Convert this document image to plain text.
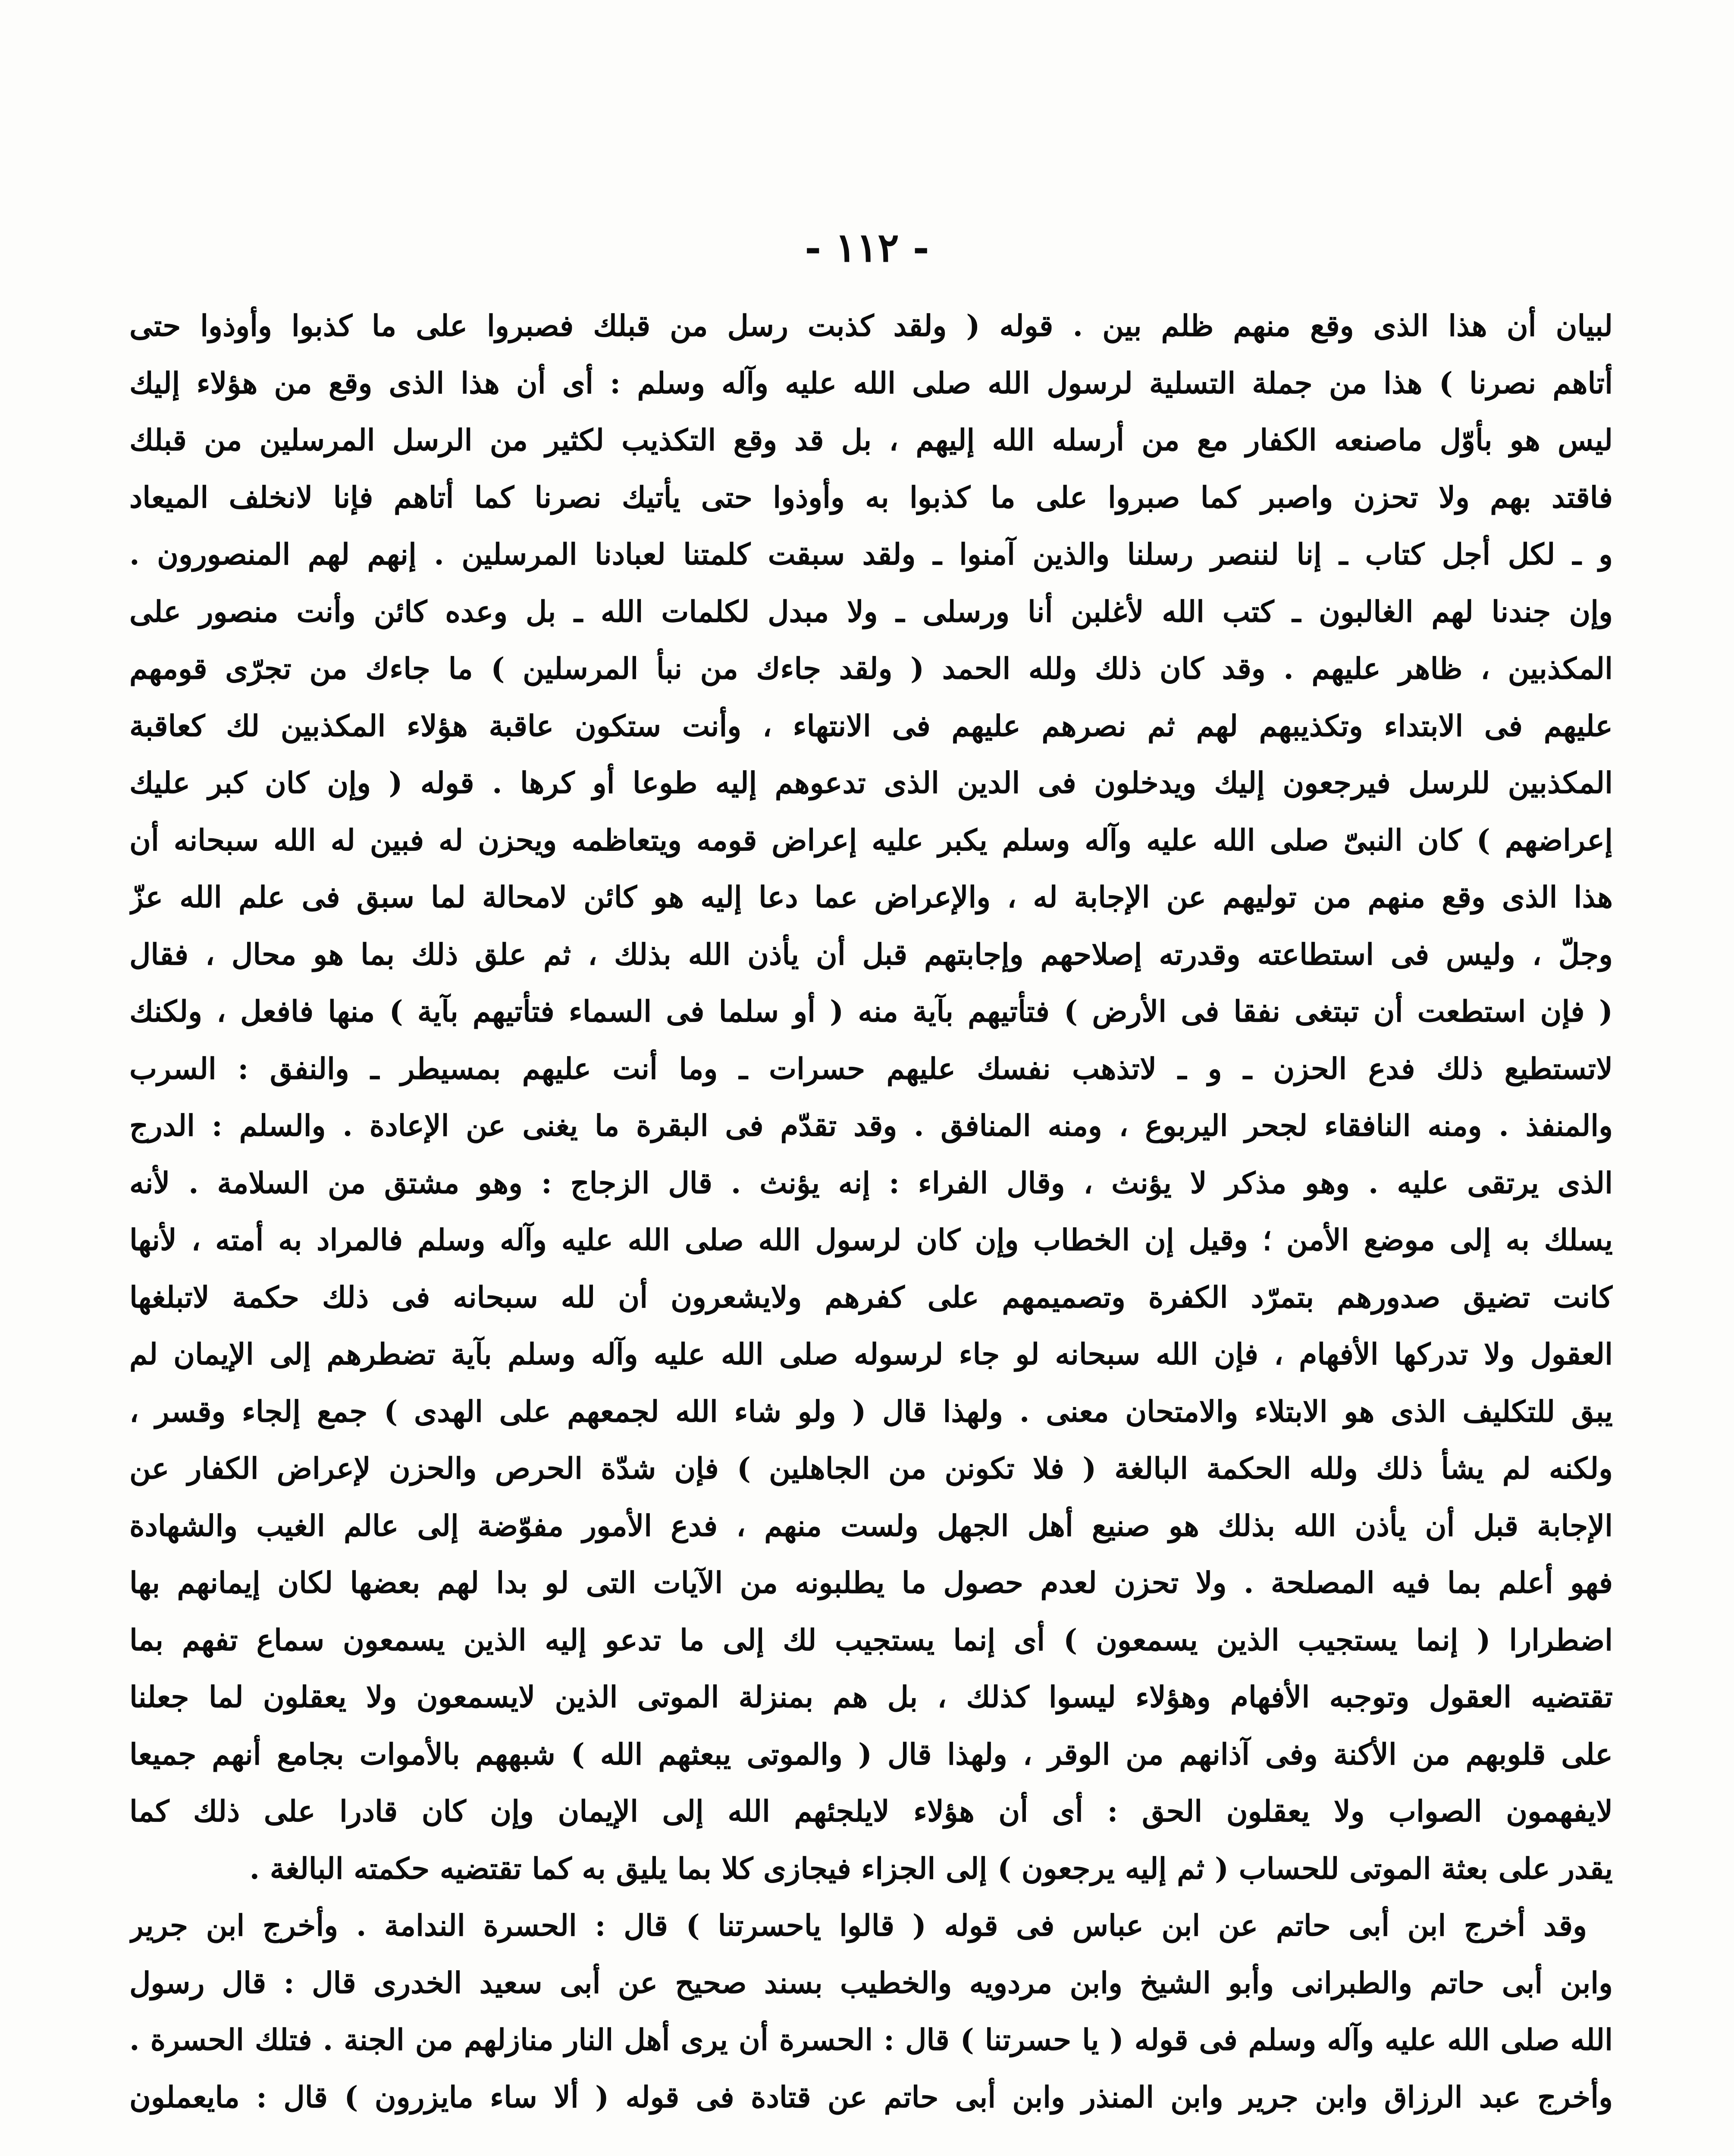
- ١١٢ -
لبيان أن هذا الذى وقع منهم ظلم بين . قوله ( ولقد كذبت رسل من قبلك فصبروا على ما كذبوا وأوذوا حتى
أتاهم نصرنا ) هذا من جملة التسلية لرسول الله صلى الله عليه وآله وسلم : أى أن هذا الذى وقع من هؤلاء إليك
ليس هو بأوّل ماصنعه الكفار مع من أرسله الله إليهم ، بل قد وقع التكذيب لكثير من الرسل المرسلين من قبلك
فاقتد بهم ولا تحزن واصبر كما صبروا على ما كذبوا به وأوذوا حتى يأتيك نصرنا كما أتاهم فإنا لانخلف الميعاد
و ـ لكل أجل كتاب ـ إنا لننصر رسلنا والذين آمنوا ـ ولقد سبقت كلمتنا لعبادنا المرسلين . إنهم لهم المنصورون .
وإن جندنا لهم الغالبون ـ كتب الله لأغلبن أنا ورسلى ـ ولا مبدل لكلمات الله ـ بل وعده كائن وأنت منصور على
المكذبين ، ظاهر عليهم . وقد كان ذلك ولله الحمد ( ولقد جاءك من نبأ المرسلين ) ما جاءك من تجرّى قومهم
عليهم فى الابتداء وتكذيبهم لهم ثم نصرهم عليهم فى الانتهاء ، وأنت ستكون عاقبة هؤلاء المكذبين لك كعاقبة
المكذبين للرسل فيرجعون إليك ويدخلون فى الدين الذى تدعوهم إليه طوعا أو كرها . قوله ( وإن كان كبر عليك
إعراضهم ) كان النبىّ صلى الله عليه وآله وسلم يكبر عليه إعراض قومه ويتعاظمه ويحزن له فبين له الله سبحانه أن
هذا الذى وقع منهم من توليهم عن الإجابة له ، والإعراض عما دعا إليه هو كائن لامحالة لما سبق فى علم الله عزّ
وجلّ ، وليس فى استطاعته وقدرته إصلاحهم وإجابتهم قبل أن يأذن الله بذلك ، ثم علق ذلك بما هو محال ، فقال
( فإن استطعت أن تبتغى نفقا فى الأرض ) فتأتيهم بآية منه ( أو سلما فى السماء فتأتيهم بآية ) منها فافعل ، ولكنك
لاتستطيع ذلك فدع الحزن ـ و ـ لاتذهب نفسك عليهم حسرات ـ وما أنت عليهم بمسيطر ـ والنفق : السرب
والمنفذ . ومنه النافقاء لجحر اليربوع ، ومنه المنافق . وقد تقدّم فى البقرة ما يغنى عن الإعادة . والسلم : الدرج
الذى يرتقى عليه . وهو مذكر لا يؤنث ، وقال الفراء : إنه يؤنث . قال الزجاج : وهو مشتق من السلامة . لأنه
يسلك به إلى موضع الأمن ؛ وقيل إن الخطاب وإن كان لرسول الله صلى الله عليه وآله وسلم فالمراد به أمته ، لأنها
كانت تضيق صدورهم بتمرّد الكفرة وتصميمهم على كفرهم ولايشعرون أن لله سبحانه فى ذلك حكمة لاتبلغها
العقول ولا تدركها الأفهام ، فإن الله سبحانه لو جاء لرسوله صلى الله عليه وآله وسلم بآية تضطرهم إلى الإيمان لم
يبق للتكليف الذى هو الابتلاء والامتحان معنى . ولهذا قال ( ولو شاء الله لجمعهم على الهدى ) جمع إلجاء وقسر ،
ولكنه لم يشأ ذلك ولله الحكمة البالغة ( فلا تكونن من الجاهلين ) فإن شدّة الحرص والحزن لإعراض الكفار عن
الإجابة قبل أن يأذن الله بذلك هو صنيع أهل الجهل ولست منهم ، فدع الأمور مفوّضة إلى عالم الغيب والشهادة
فهو أعلم بما فيه المصلحة . ولا تحزن لعدم حصول ما يطلبونه من الآيات التى لو بدا لهم بعضها لكان إيمانهم بها
اضطرارا ( إنما يستجيب الذين يسمعون ) أى إنما يستجيب لك إلى ما تدعو إليه الذين يسمعون سماع تفهم بما
تقتضيه العقول وتوجبه الأفهام وهؤلاء ليسوا كذلك ، بل هم بمنزلة الموتى الذين لايسمعون ولا يعقلون لما جعلنا
على قلوبهم من الأكنة وفى آذانهم من الوقر ، ولهذا قال ( والموتى يبعثهم الله ) شبههم بالأموات بجامع أنهم جميعا
لايفهمون الصواب ولا يعقلون الحق : أى أن هؤلاء لايلجئهم الله إلى الإيمان وإن كان قادرا على ذلك كما
يقدر على بعثة الموتى للحساب ( ثم إليه يرجعون ) إلى الجزاء فيجازى كلا بما يليق به كما تقتضيه حكمته البالغة .
وقد أخرج ابن أبى حاتم عن ابن عباس فى قوله ( قالوا ياحسرتنا ) قال : الحسرة الندامة . وأخرج ابن جرير
وابن أبى حاتم والطبرانى وأبو الشيخ وابن مردويه والخطيب بسند صحيح عن أبى سعيد الخدرى قال : قال رسول
الله صلى الله عليه وآله وسلم فى قوله ( يا حسرتنا ) قال : الحسرة أن يرى أهل النار منازلهم من الجنة . فتلك الحسرة .
وأخرج عبد الرزاق وابن جرير وابن المنذر وابن أبى حاتم عن قتادة فى قوله ( ألا ساء مايزرون ) قال : مايعملون
